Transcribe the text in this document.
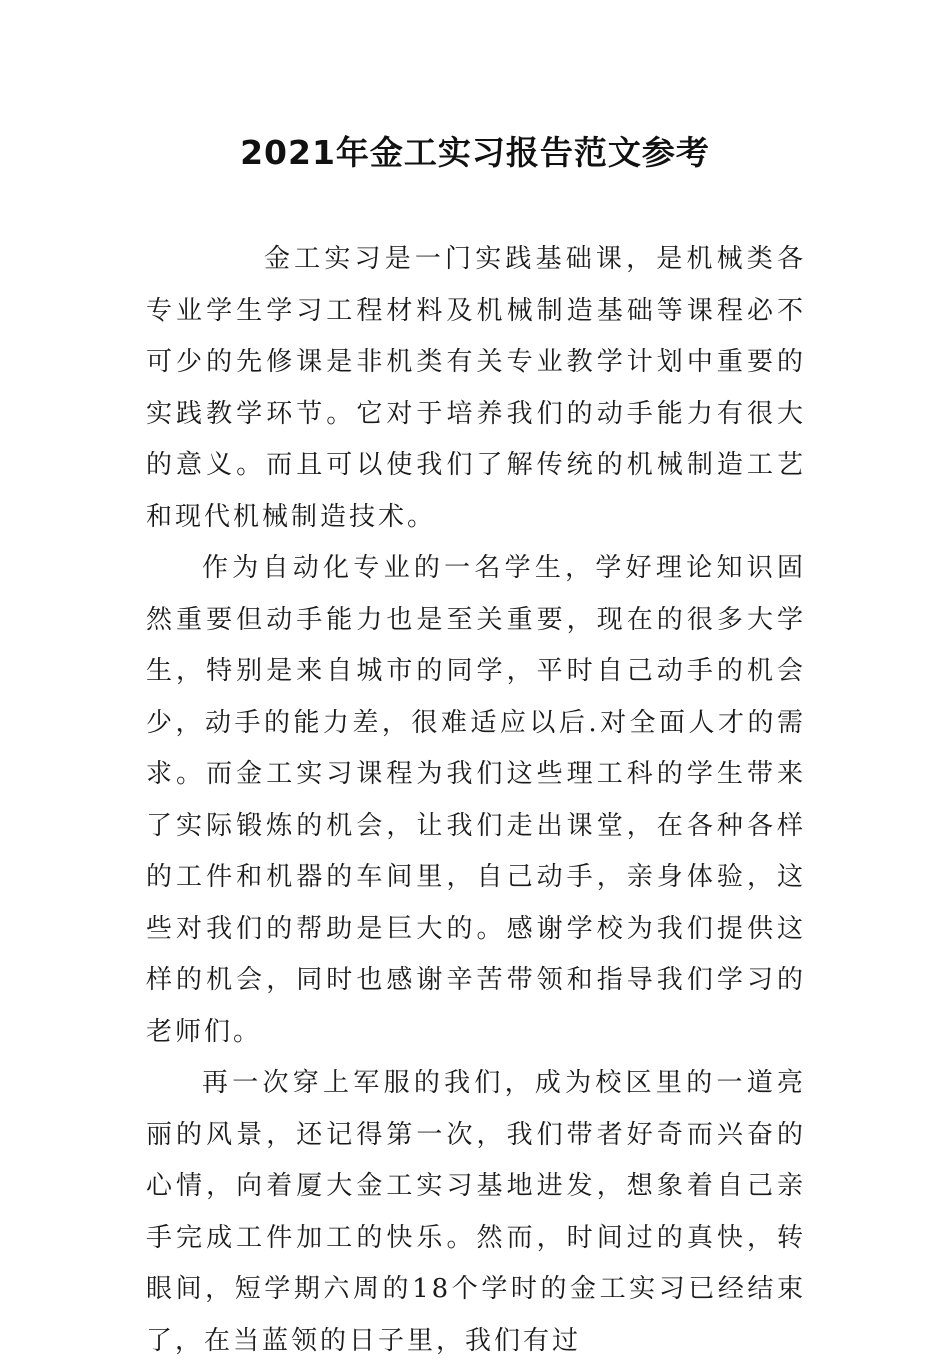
2021年金工实习报告范文参考

金工实习是一门实践基础课，是机械类各专业学生学习工程材料及机械制造基础等课程必不可少的先修课是非机类有关专业教学计划中重要的实践教学环节。它对于培养我们的动手能力有很大的意义。而且可以使我们了解传统的机械制造工艺和现代机械制造技术。

作为自动化专业的一名学生，学好理论知识固然重要但动手能力也是至关重要，现在的很多大学生，特别是来自城市的同学，平时自己动手的机会少，动手的能力差，很难适应以后.对全面人才的需求。而金工实习课程为我们这些理工科的学生带来了实际锻炼的机会，让我们走出课堂，在各种各样的工件和机器的车间里，自己动手，亲身体验，这些对我们的帮助是巨大的。感谢学校为我们提供这样的机会，同时也感谢辛苦带领和指导我们学习的老师们。

再一次穿上军服的我们，成为校区里的一道亮丽的风景，还记得第一次，我们带者好奇而兴奋的心情，向着厦大金工实习基地进发，想象着自己亲手完成工件加工的快乐。然而，时间过的真快，转眼间，短学期六周的18个学时的金工实习已经结束了，在当蓝领的日子里，我们有过
